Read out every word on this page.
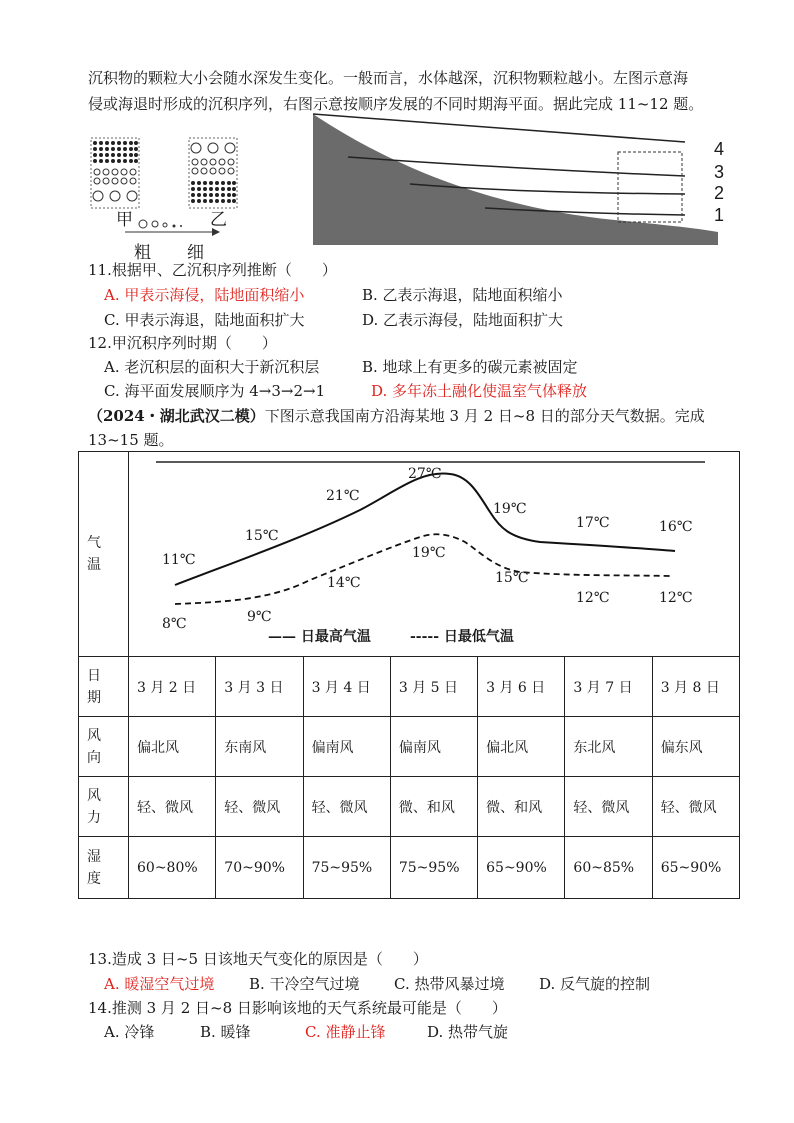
沉积物的颗粒大小会随水深发生变化。一般而言，水体越深，沉积物颗粒越小。左图示意海
侵或海退时形成的沉积序列，右图示意按顺序发展的不同时期海平面。据此完成 11~12 题。
甲	乙
粗 细
4
3
2
1
11.根据甲、乙沉积序列推断（　　）
A. 甲表示海侵，陆地面积缩小	B. 乙表示海退，陆地面积缩小
C. 甲表示海退，陆地面积扩大	D. 乙表示海侵，陆地面积扩大
12.甲沉积序列时期（　　）
A. 老沉积层的面积大于新沉积层	B. 地球上有更多的碳元素被固定
C. 海平面发展顺序为 4→3→2→1	D. 多年冻土融化使温室气体释放
（2024・湖北武汉二模）下图示意我国南方沿海某地 3 月 2 日~8 日的部分天气数据。完成
13~15 题。
气
温							
日
期	3 月 2 日	3 月 3 日	3 月 4 日	3 月 5 日	3 月 6 日	3 月 7 日	3 月 8 日
风
向	偏北风	东南风	偏南风	偏南风	偏北风	东北风	偏东风
风
力	轻、微风	轻、微风	轻、微风	微、和风	微、和风	轻、微风	轻、微风
湿
度	60~80%	70~90%	75~95%	75~95%	65~90%	60~85%	65~90%
11℃
15℃
21℃
27℃
19℃
17℃	16℃
8℃	9℃
14℃
19℃
15℃
12℃	12℃
—— 日最高气温	----- 日最低气温
13.造成 3 日~5 日该地天气变化的原因是（　　）
A. 暖湿空气过境 B. 干冷空气过境 C. 热带风暴过境 D. 反气旋的控制
14.推测 3 月 2 日~8 日影响该地的天气系统最可能是（　　）
A. 冷锋	B. 暖锋	C. 准静止锋	D. 热带气旋
